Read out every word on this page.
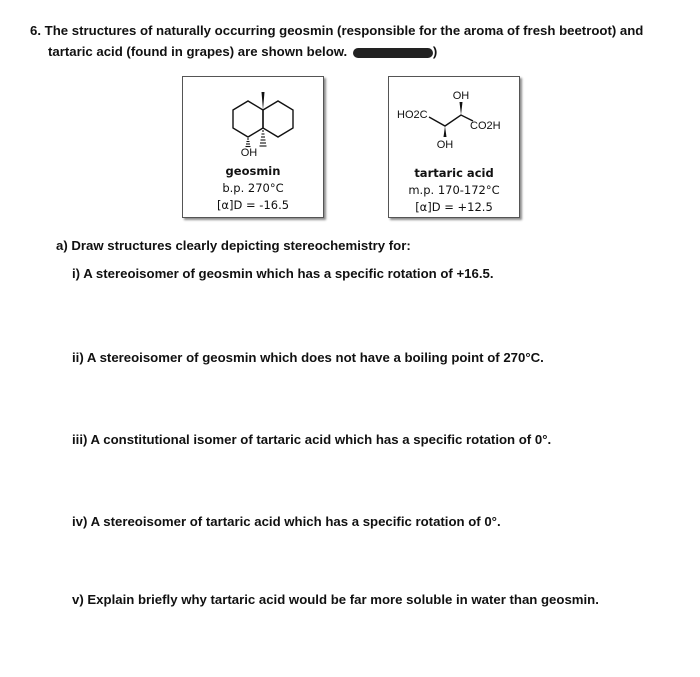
6. The structures of naturally occurring geosmin (responsible for the aroma of fresh beetroot) and
tartaric acid (found in grapes) are shown below.	)
OH
geosmin
b.p. 270°C
[α]D = -16.5
OH
HO2C
CO2H
OH
tartaric acid
m.p. 170-172°C
[α]D = +12.5
a) Draw structures clearly depicting stereochemistry for:
i) A stereoisomer of geosmin which has a specific rotation of +16.5.
ii) A stereoisomer of geosmin which does not have a boiling point of 270°C.
iii) A constitutional isomer of tartaric acid which has a specific rotation of 0°.
iv) A stereoisomer of tartaric acid which has a specific rotation of 0°.
v) Explain briefly why tartaric acid would be far more soluble in water than geosmin.
